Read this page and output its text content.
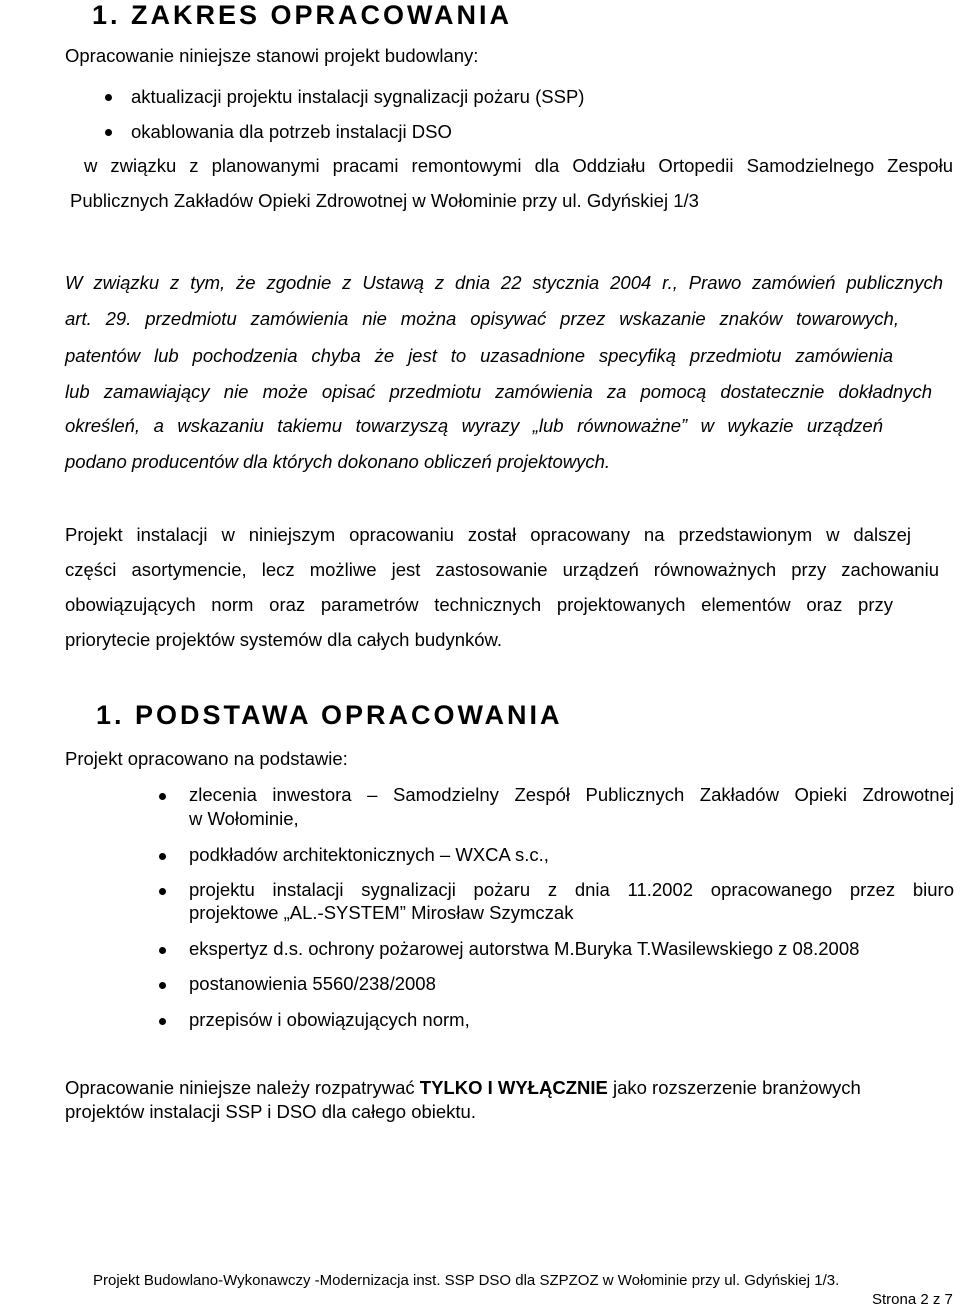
1. ZAKRES OPRACOWANIA
Opracowanie niniejsze stanowi projekt budowlany:
aktualizacji projektu instalacji sygnalizacji pożaru (SSP)
okablowania dla potrzeb instalacji DSO
w związku z planowanymi pracami remontowymi dla Oddziału Ortopedii Samodzielnego Zespołu
Publicznych Zakładów Opieki Zdrowotnej w Wołominie przy ul. Gdyńskiej 1/3
W związku z tym, że zgodnie z Ustawą z dnia 22 stycznia 2004 r., Prawo zamówień publicznych
art. 29. przedmiotu zamówienia nie można opisywać przez wskazanie znaków towarowych,
patentów lub pochodzenia chyba że jest to uzasadnione specyfiką przedmiotu zamówienia
lub zamawiający nie może opisać przedmiotu zamówienia za pomocą dostatecznie dokładnych
określeń, a wskazaniu takiemu towarzyszą wyrazy „lub równoważne” w wykazie urządzeń
podano producentów dla których dokonano obliczeń projektowych.
Projekt instalacji w niniejszym opracowaniu został opracowany na przedstawionym w dalszej
części asortymencie, lecz możliwe jest zastosowanie urządzeń równoważnych przy zachowaniu
obowiązujących norm oraz parametrów technicznych projektowanych elementów oraz przy
priorytecie projektów systemów dla całych budynków.
1. PODSTAWA OPRACOWANIA
Projekt opracowano na podstawie:
zlecenia inwestora – Samodzielny Zespół Publicznych Zakładów Opieki Zdrowotnej
w Wołominie,
podkładów architektonicznych – WXCA s.c.,
projektu instalacji sygnalizacji pożaru z dnia 11.2002 opracowanego przez biuro
projektowe „AL.-SYSTEM” Mirosław Szymczak
ekspertyz d.s. ochrony pożarowej autorstwa M.Buryka T.Wasilewskiego z 08.2008
postanowienia 5560/238/2008
przepisów i obowiązujących norm,
Opracowanie niniejsze należy rozpatrywać TYLKO I WYŁĄCZNIE jako rozszerzenie branżowych
projektów instalacji SSP i DSO dla całego obiektu.
Projekt Budowlano-Wykonawczy -Modernizacja inst. SSP DSO dla SZPZOZ w Wołominie przy ul. Gdyńskiej 1/3.
Strona 2 z 7
